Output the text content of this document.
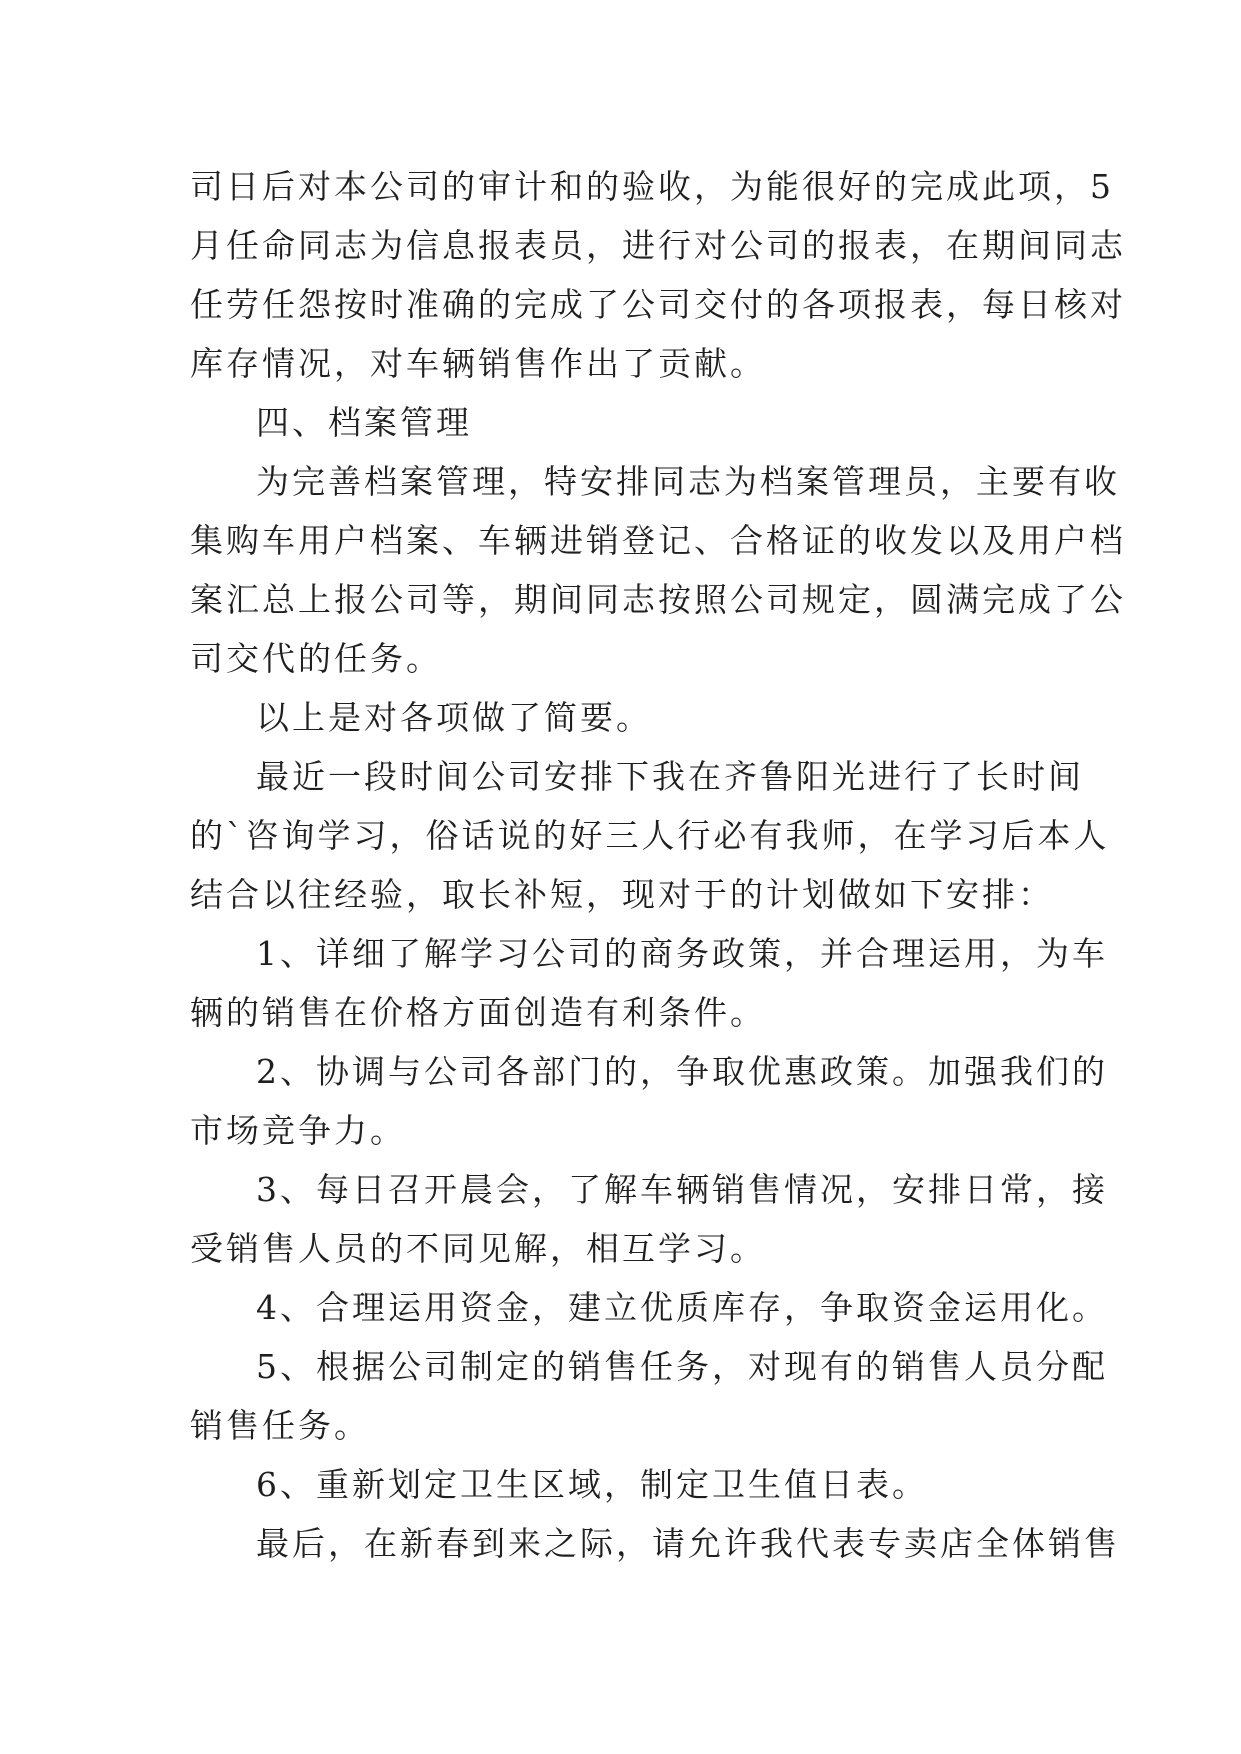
司日后对本公司的审计和的验收，为能很好的完成此项，5
月任命同志为信息报表员，进行对公司的报表，在期间同志
任劳任怨按时准确的完成了公司交付的各项报表，每日核对
库存情况，对车辆销售作出了贡献。
四、档案管理
为完善档案管理，特安排同志为档案管理员，主要有收
集购车用户档案、车辆进销登记、合格证的收发以及用户档
案汇总上报公司等，期间同志按照公司规定，圆满完成了公
司交代的任务。
以上是对各项做了简要。
最近一段时间公司安排下我在齐鲁阳光进行了长时间
的`咨询学习，俗话说的好三人行必有我师，在学习后本人
结合以往经验，取长补短，现对于的计划做如下安排：
1、详细了解学习公司的商务政策，并合理运用，为车
辆的销售在价格方面创造有利条件。
2、协调与公司各部门的，争取优惠政策。加强我们的
市场竞争力。
3、每日召开晨会，了解车辆销售情况，安排日常，接
受销售人员的不同见解，相互学习。
4、合理运用资金，建立优质库存，争取资金运用化。
5、根据公司制定的销售任务，对现有的销售人员分配
销售任务。
6、重新划定卫生区域，制定卫生值日表。
最后，在新春到来之际，请允许我代表专卖店全体销售
